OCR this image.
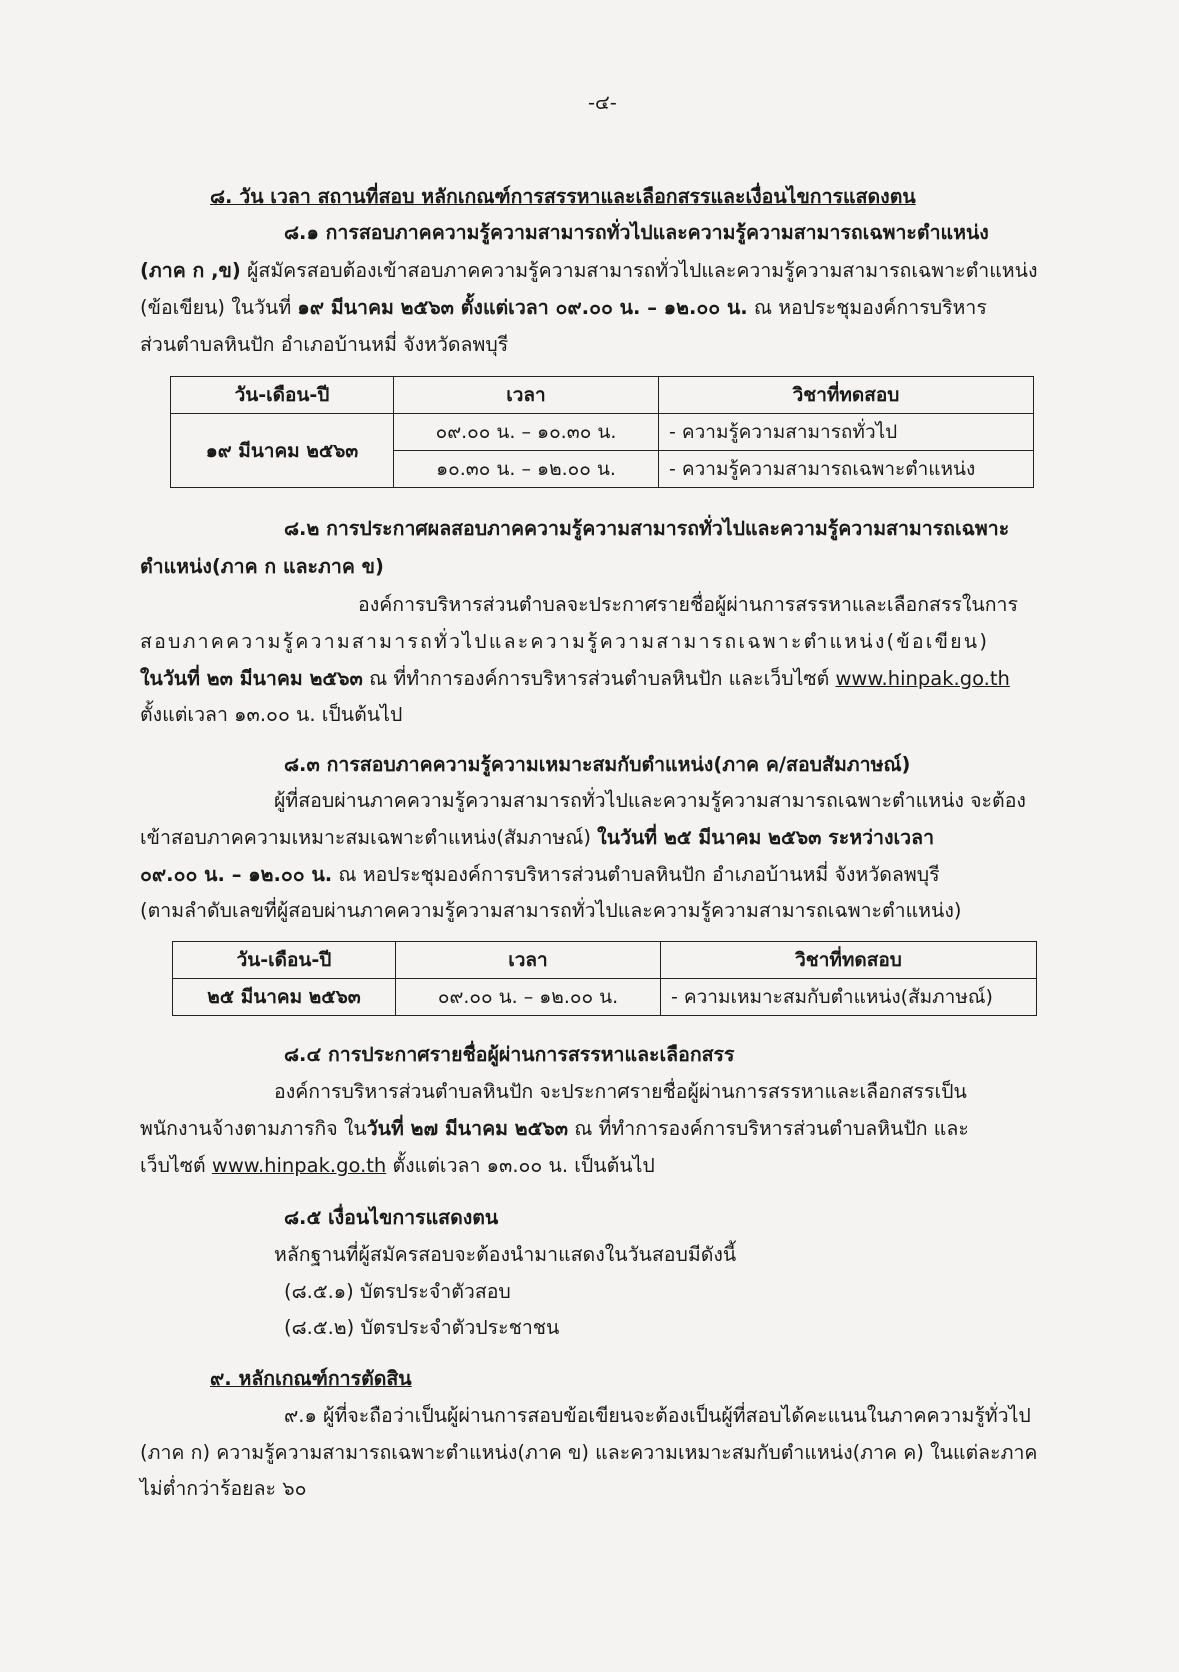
-๔-
๘. วัน เวลา สถานที่สอบ หลักเกณฑ์การสรรหาและเลือกสรรและเงื่อนไขการแสดงตน
๘.๑ การสอบภาคความรู้ความสามารถทั่วไปและความรู้ความสามารถเฉพาะตำแหน่ง
(ภาค ก ,ข) ผู้สมัครสอบต้องเข้าสอบภาคความรู้ความสามารถทั่วไปและความรู้ความสามารถเฉพาะตำแหน่ง
(ข้อเขียน) ในวันที่ ๑๙ มีนาคม ๒๕๖๓ ตั้งแต่เวลา ๐๙.๐๐ น. – ๑๒.๐๐ น. ณ หอประชุมองค์การบริหาร
ส่วนตำบลหินปัก อำเภอบ้านหมี่ จังหวัดลพบุรี
วัน-เดือน-ปี	เวลา	วิชาที่ทดสอบ
๑๙ มีนาคม ๒๕๖๓	๐๙.๐๐ น. – ๑๐.๓๐ น.	- ความรู้ความสามารถทั่วไป
	๑๐.๓๐ น. – ๑๒.๐๐ น.	- ความรู้ความสามารถเฉพาะตำแหน่ง
๘.๒ การประกาศผลสอบภาคความรู้ความสามารถทั่วไปและความรู้ความสามารถเฉพาะ
ตำแหน่ง(ภาค ก และภาค ข)
องค์การบริหารส่วนตำบลจะประกาศรายชื่อผู้ผ่านการสรรหาและเลือกสรรในการ
สอบภาคความรู้ความสามารถทั่วไปและความรู้ความสามารถเฉพาะตำแหน่ง(ข้อเขียน)
ในวันที่ ๒๓ มีนาคม ๒๕๖๓ ณ ที่ทำการองค์การบริหารส่วนตำบลหินปัก และเว็บไซต์ www.hinpak.go.th
ตั้งแต่เวลา ๑๓.๐๐ น. เป็นต้นไป
๘.๓ การสอบภาคความรู้ความเหมาะสมกับตำแหน่ง(ภาค ค/สอบสัมภาษณ์)
ผู้ที่สอบผ่านภาคความรู้ความสามารถทั่วไปและความรู้ความสามารถเฉพาะตำแหน่ง จะต้อง
เข้าสอบภาคความเหมาะสมเฉพาะตำแหน่ง(สัมภาษณ์) ในวันที่ ๒๕ มีนาคม ๒๕๖๓ ระหว่างเวลา
๐๙.๐๐ น. – ๑๒.๐๐ น. ณ หอประชุมองค์การบริหารส่วนตำบลหินปัก อำเภอบ้านหมี่ จังหวัดลพบุรี
(ตามลำดับเลขที่ผู้สอบผ่านภาคความรู้ความสามารถทั่วไปและความรู้ความสามารถเฉพาะตำแหน่ง)
วัน-เดือน-ปี	เวลา	วิชาที่ทดสอบ
๒๕ มีนาคม ๒๕๖๓	๐๙.๐๐ น. – ๑๒.๐๐ น.	- ความเหมาะสมกับตำแหน่ง(สัมภาษณ์)
๘.๔ การประกาศรายชื่อผู้ผ่านการสรรหาและเลือกสรร
องค์การบริหารส่วนตำบลหินปัก จะประกาศรายชื่อผู้ผ่านการสรรหาและเลือกสรรเป็น
พนักงานจ้างตามภารกิจ ในวันที่ ๒๗ มีนาคม ๒๕๖๓ ณ ที่ทำการองค์การบริหารส่วนตำบลหินปัก และ
เว็บไซต์ www.hinpak.go.th ตั้งแต่เวลา ๑๓.๐๐ น. เป็นต้นไป
๘.๕ เงื่อนไขการแสดงตน
หลักฐานที่ผู้สมัครสอบจะต้องนำมาแสดงในวันสอบมีดังนี้
(๘.๕.๑) บัตรประจำตัวสอบ
(๘.๕.๒) บัตรประจำตัวประชาชน
๙. หลักเกณฑ์การตัดสิน
๙.๑ ผู้ที่จะถือว่าเป็นผู้ผ่านการสอบข้อเขียนจะต้องเป็นผู้ที่สอบได้คะแนนในภาคความรู้ทั่วไป
(ภาค ก) ความรู้ความสามารถเฉพาะตำแหน่ง(ภาค ข) และความเหมาะสมกับตำแหน่ง(ภาค ค) ในแต่ละภาค
ไม่ต่ำกว่าร้อยละ ๖๐
